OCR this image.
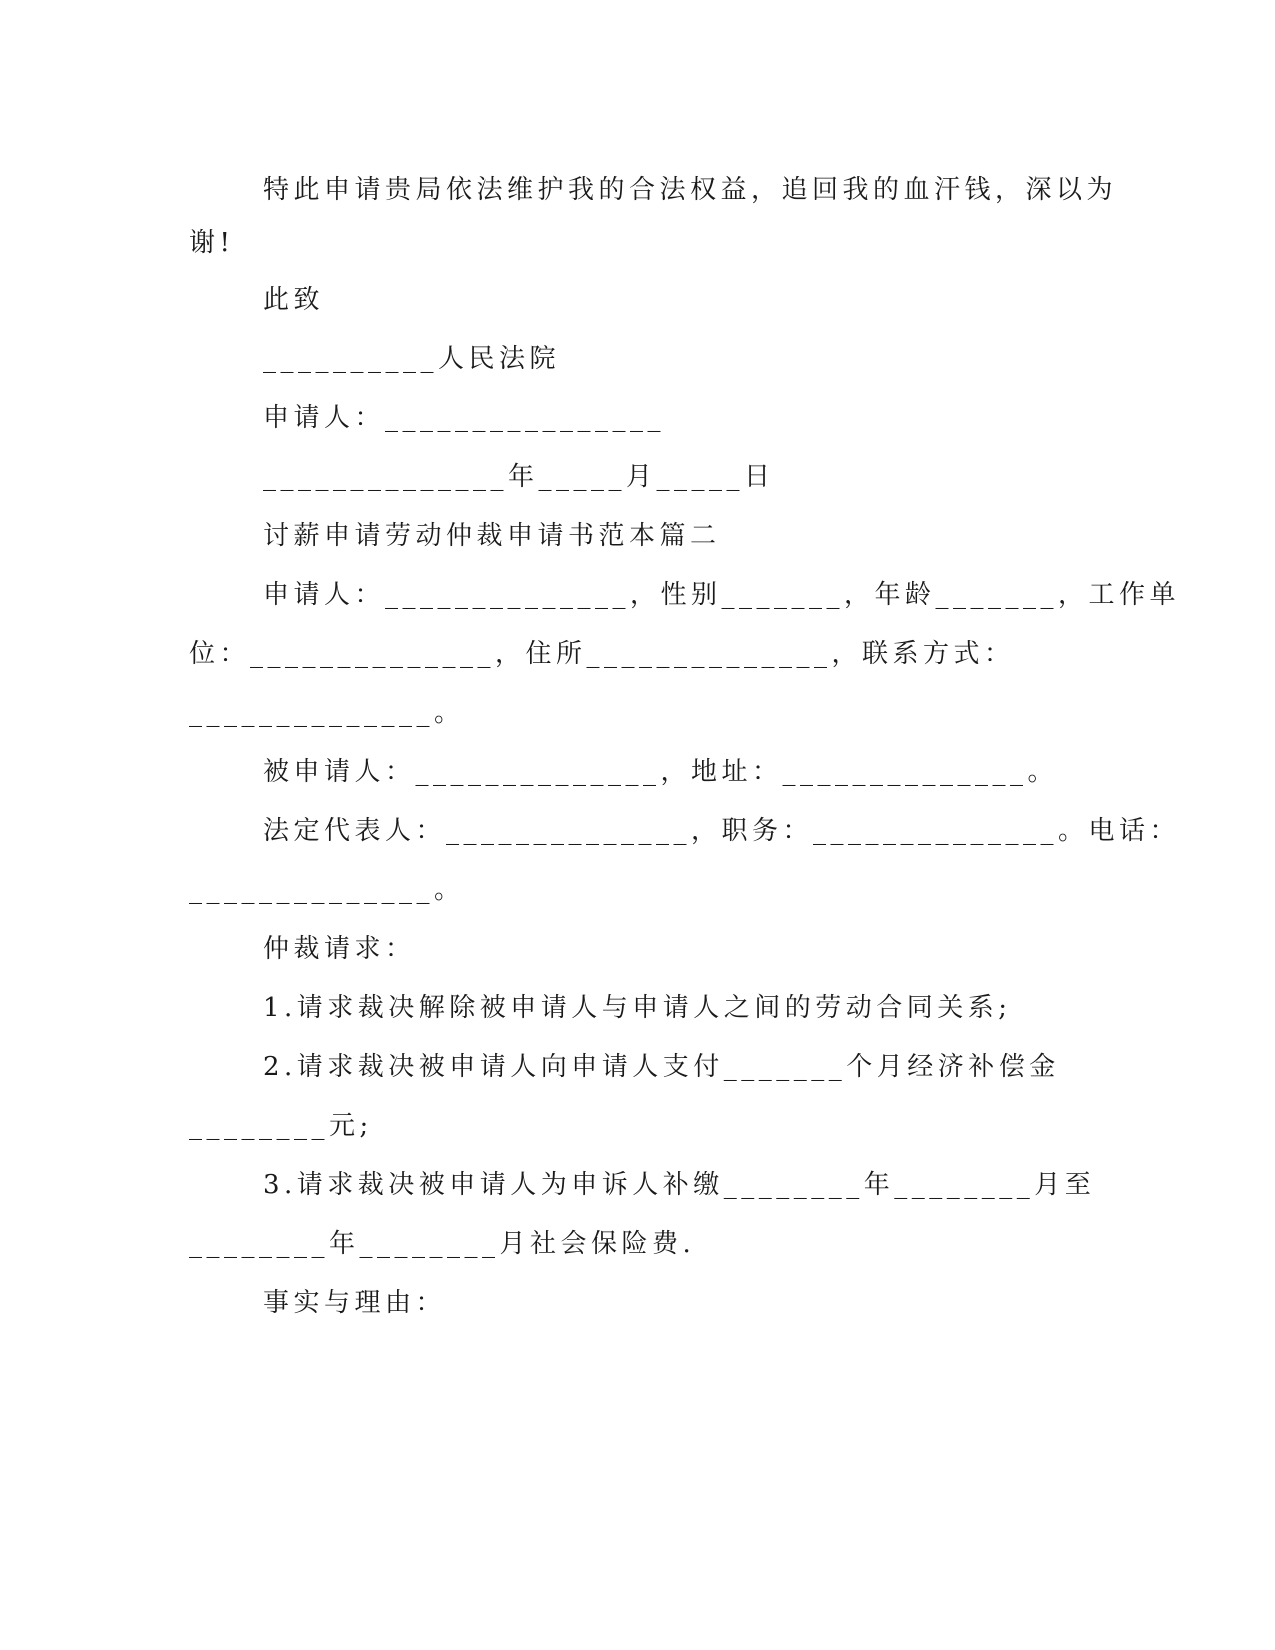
特此申请贵局依法维护我的合法权益，追回我的血汗钱，深以为
谢!
此致
__________人民法院
申请人：________________
______________年_____月_____日
讨薪申请劳动仲裁申请书范本篇二
申请人：______________，性别_______，年龄_______，工作单
位：______________，住所______________，联系方式：
______________。
被申请人：______________，地址：______________。
法定代表人：______________，职务：______________。电话：
______________。
仲裁请求：
1.请求裁决解除被申请人与申请人之间的劳动合同关系;
2.请求裁决被申请人向申请人支付_______个月经济补偿金
________元;
3.请求裁决被申请人为申诉人补缴________年________月至
________年________月社会保险费.
事实与理由：
